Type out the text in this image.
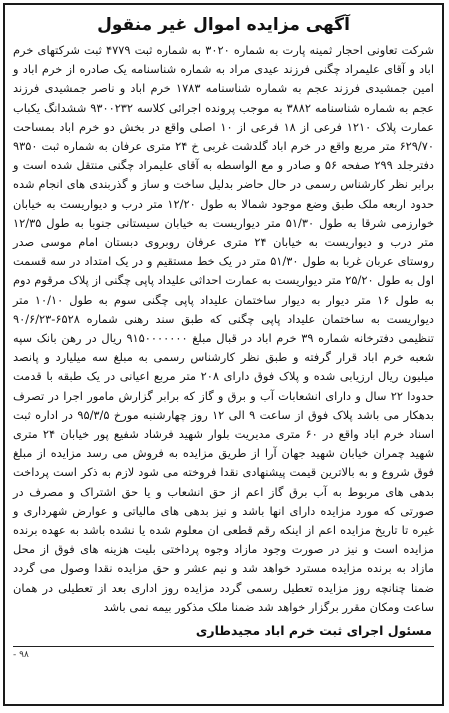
آگهی مزایده اموال غیر منقول

شرکت تعاونی احجار ثمینه پارت به شماره ۳۰۲۰ به شماره ثبت ۴۷۷۹ ثبت شرکتهای خرم اباد و آقای علیمراد چگنی فرزند عیدی مراد به شماره شناسنامه یک صادره از خرم اباد و امین جمشیدی فرزند عجم به شماره شناسنامه ۱۷۸۳ خرم اباد و ناصر جمشیدی فرزند عجم به شماره شناسنامه ۳۸۸۲ به موجب پرونده اجرائی کلاسه ۹۳۰۰۲۳۲ ششدانگ یکباب عمارت پلاک ۱۲۱۰ فرعی از ۱۸ فرعی از ۱۰ اصلی واقع در بخش دو خرم اباد بمساحت ۶۲۹/۷۰ متر مربع واقع در خرم اباد گلدشت غربی خ ۲۴ متری عرفان به شماره ثبت ۹۳۵۰ دفترجلد ۲۹۹ صفحه ۵۶ و صادر و مع الواسطه به آقای علیمراد چگنی منتقل شده است و برابر نظر کارشناس رسمی در حال حاضر بدلیل ساخت و ساز و گذربندی های انجام شده حدود اربعه ملک طبق وضع موجود شمالا به طول ۱۲/۲۰ متر درب و دیواریست به خیابان خوارزمی شرقا به طول ۵۱/۳۰ متر دیواریست به خیابان سیستانی جنوبا به طول ۱۲/۳۵ متر درب و دیواریست به خیابان ۲۴ متری عرفان روبروی دبستان امام موسی صدر روستای عربان غربا به طول ۵۱/۳۰ متر در یک خط مستقیم و در یک امتداد در سه قسمت اول به طول ۲۵/۲۰ متر دیواریست به عمارت احداثی علیداد پاپی چگنی از پلاک مرقوم دوم به طول ۱۶ متر دیوار به دیوار ساختمان علیداد پاپی چگنی سوم به طول ۱۰/۱۰ متر دیواریست به ساختمان علیداد پاپی چگنی که طبق سند رهنی شماره ۶۵۲۸-۹۰/۶/۲۳ تنظیمی دفترخانه شماره ۳۹ خرم اباد در قبال مبلغ ۹۱۵۰۰۰۰۰۰۰ ریال در رهن بانک سپه شعبه خرم اباد قرار گرفته و طبق نظر کارشناس رسمی به مبلغ سه میلیارد و پانصد میلیون ریال ارزیابی شده و پلاک فوق دارای ۲۰۸ متر مربع اعیانی در یک طبقه با قدمت حدودا ۲۲ سال و دارای انشعابات آب و برق و گاز که برابر گزارش مامور اجرا در تصرف بدهکار می باشد پلاک فوق از ساعت ۹ الی ۱۲ روز چهارشنبه مورخ ۹۵/۳/۵ در اداره ثبت اسناد خرم اباد واقع در ۶۰ متری مدیریت بلوار شهید فرشاد شفیع پور خیابان ۲۴ متری شهید چمران خیابان شهید جهان آرا از طریق مزایده به فروش می رسد مزایده از مبلغ فوق شروع و به بالاترین قیمت پیشنهادی نقدا فروخته می شود لازم به ذکر است پرداخت بدهی های مربوط به آب برق گاز اعم از حق انشعاب و یا حق اشتراک و مصرف در صورتی که مورد مزایده دارای انها باشد و نیز بدهی های مالیاتی و عوارض شهرداری و غیره تا تاریخ مزایده اعم از اینکه رقم قطعی ان معلوم شده یا نشده باشد به عهده برنده مزایده است و نیز در صورت وجود مازاد وجوه پرداختی بلیت هزینه های فوق از محل مازاد به برنده مزایده مسترد خواهد شد و نیم عشر و حق مزایده نقدا وصول می گردد ضمنا چنانچه روز مزایده تعطیل رسمی گردد مزایده روز اداری بعد از تعطیلی در همان ساعت ومکان مقرر برگزار خواهد شد ضمنا ملک مذکور بیمه نمی باشد

مسئول اجرای ثبت خرم اباد مجیدطاری
- ۹۸
